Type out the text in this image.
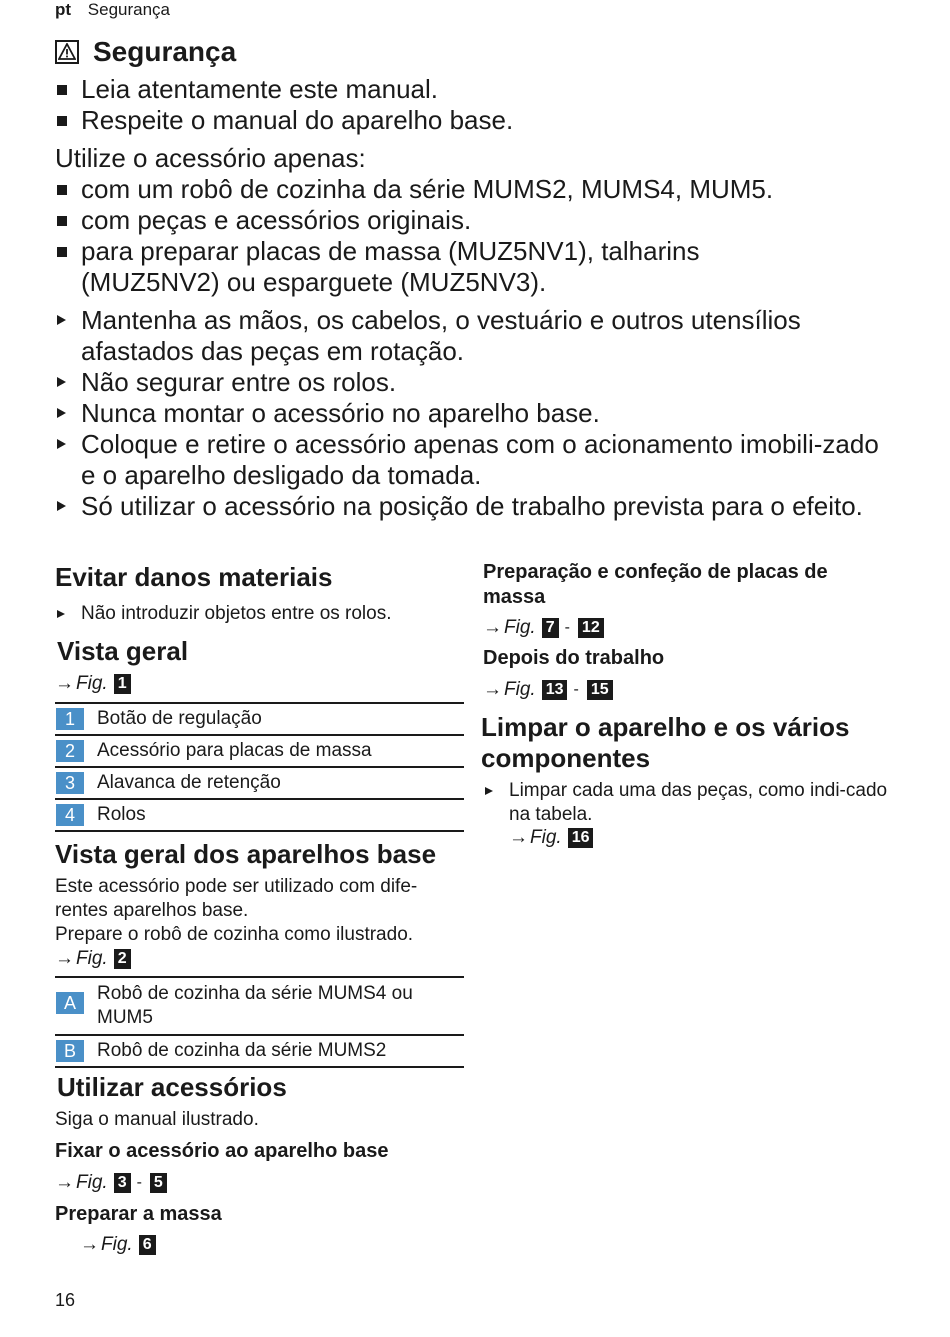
pt Segurança
Segurança
Leia atentamente este manual.
Respeite o manual do aparelho base.
Utilize o acessório apenas:
com um robô de cozinha da série MUMS2, MUMS4, MUM5.
com peças e acessórios originais.
para preparar placas de massa (MUZ5NV1), talharins (MUZ5NV2) ou esparguete (MUZ5NV3).
Mantenha as mãos, os cabelos, o vestuário e outros utensílios afastados das peças em rotação.
Não segurar entre os rolos.
Nunca montar o acessório no aparelho base.
Coloque e retire o acessório apenas com o acionamento imobili-zado e o aparelho desligado da tomada.
Só utilizar o acessório na posição de trabalho prevista para o efeito.
Evitar danos materiais
Não introduzir objetos entre os rolos.
Vista geral
→ Fig. 1
1	Botão de regulação
2	Acessório para placas de massa
3	Alavanca de retenção
4	Rolos
Vista geral dos aparelhos base
Este acessório pode ser utilizado com dife-rentes aparelhos base.
Prepare o robô de cozinha como ilustrado.
→ Fig. 2
A	Robô de cozinha da série MUMS4 ou MUM5
B	Robô de cozinha da série MUMS2
Utilizar acessórios
Siga o manual ilustrado.
Fixar o acessório ao aparelho base
→ Fig. 3 - 5
Preparar a massa
→ Fig. 6
Preparação e confeção de placas de massa
→ Fig. 7 - 12
Depois do trabalho
→ Fig. 13 - 15
Limpar o aparelho e os vários componentes
Limpar cada uma das peças, como indi-cado na tabela.
→ Fig. 16
16
